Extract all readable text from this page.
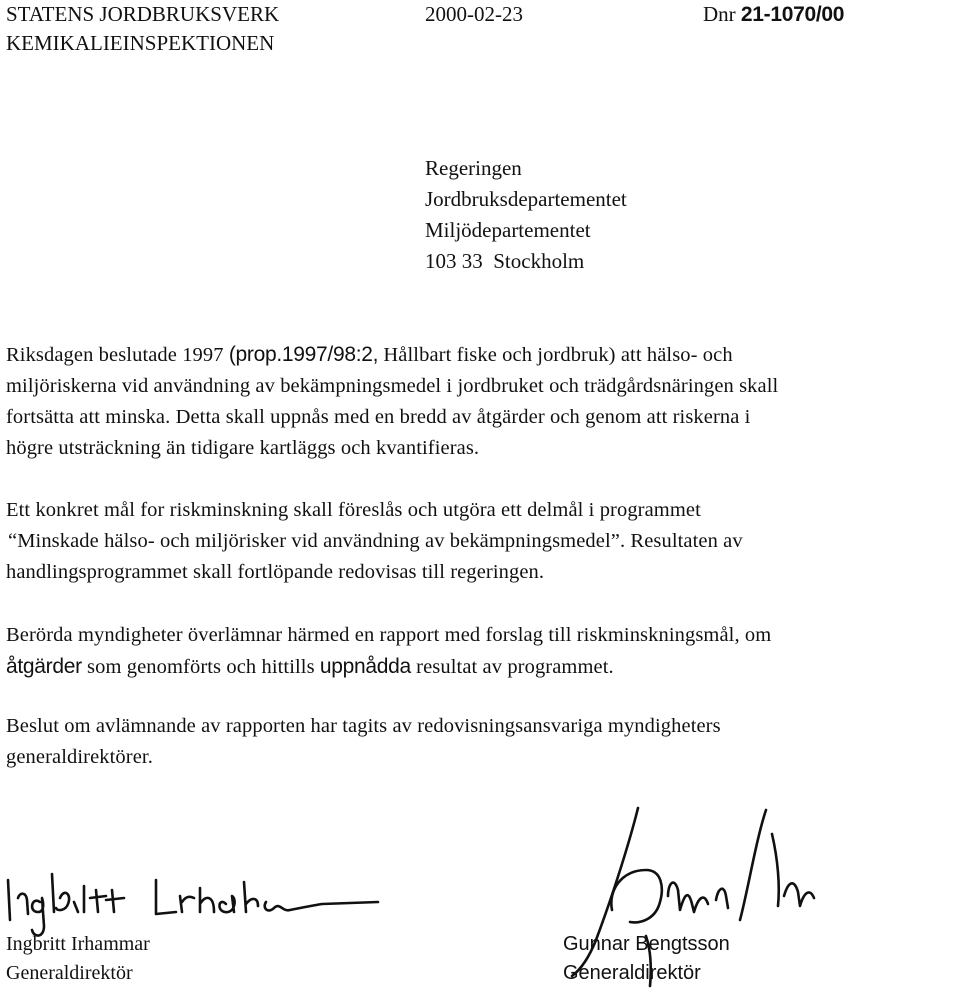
STATENS JORDBRUKSVERK
KEMIKALIEINSPEKTIONEN
2000-02-23	Dnr 21-1070/00
Regeringen
Jordbruksdepartementet
Miljödepartementet
103 33  Stockholm
Riksdagen beslutade 1997 (prop.1997/98:2, Hållbart fiske och jordbruk) att hälso- och
miljöriskerna vid användning av bekämpningsmedel i jordbruket och trädgårdsnäringen skall
fortsätta att minska. Detta skall uppnås med en bredd av åtgärder och genom att riskerna i
högre utsträckning än tidigare kartläggs och kvantifieras.
Ett konkret mål for riskminskning skall föreslås och utgöra ett delmål i programmet
“Minskade hälso- och miljörisker vid användning av bekämpningsmedel”. Resultaten av
handlingsprogrammet skall fortlöpande redovisas till regeringen.
Berörda myndigheter överlämnar härmed en rapport med forslag till riskminskningsmål, om
åtgärder som genomförts och hittills uppnådda resultat av programmet.
Beslut om avlämnande av rapporten har tagits av redovisningsansvariga myndigheters
generaldirektörer.
Ingbritt Irhammar
Generaldirektör
Gunnar Bengtsson
Generaldirektör
